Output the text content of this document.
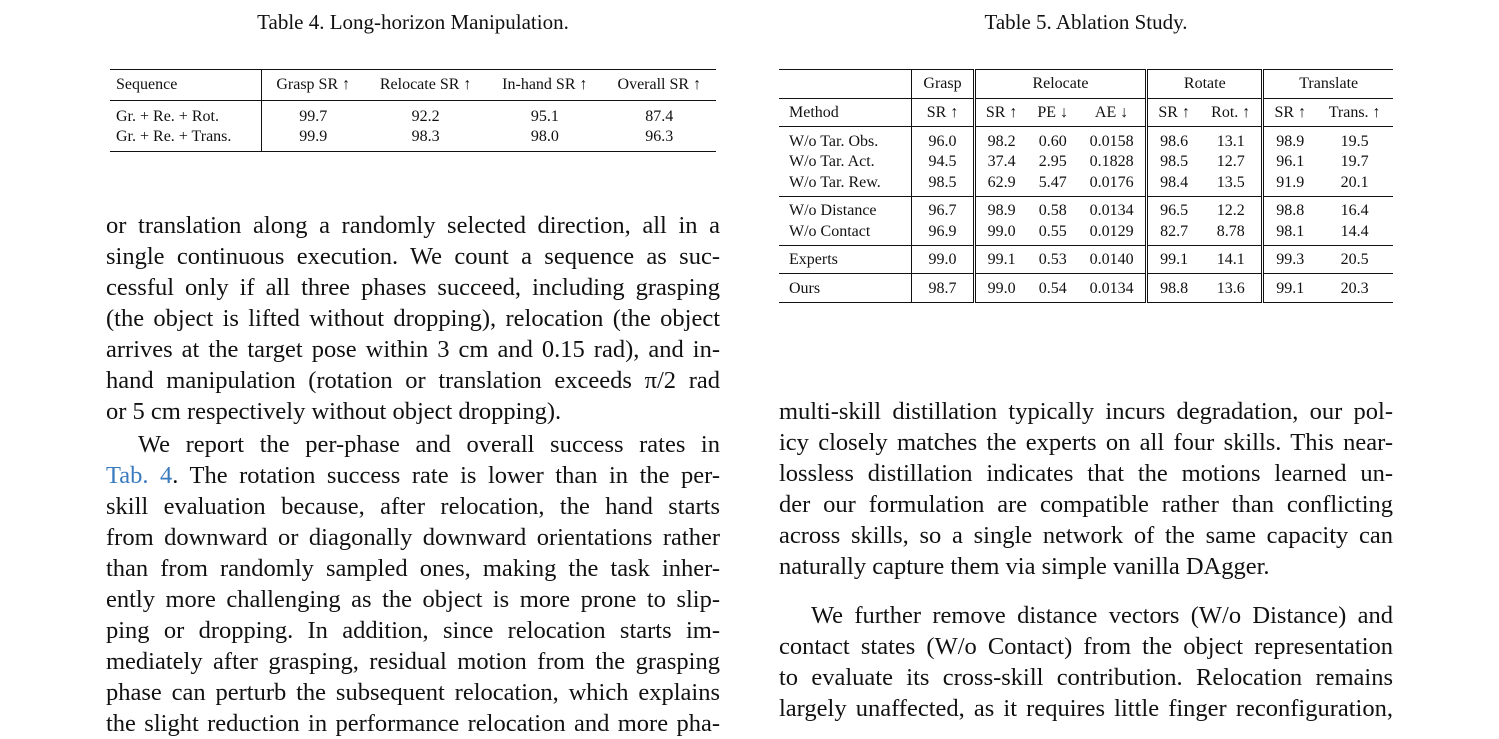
Table 4. Long-horizon Manipulation.
Sequence	Grasp SR ↑	Relocate SR ↑	In-hand SR ↑	Overall SR ↑
Gr. + Re. + Rot.	99.7	92.2	95.1	87.4
Gr. + Re. + Trans.	99.9	98.3	98.0	96.3
or translation along a randomly selected direction, all in a
single continuous execution. We count a sequence as suc-
cessful only if all three phases succeed, including grasping
(the object is lifted without dropping), relocation (the object
arrives at the target pose within 3 cm and 0.15 rad), and in-
hand manipulation (rotation or translation exceeds π/2 rad
or 5 cm respectively without object dropping).
We report the per-phase and overall success rates in
Tab. 4. The rotation success rate is lower than in the per-
skill evaluation because, after relocation, the hand starts
from downward or diagonally downward orientations rather
than from randomly sampled ones, making the task inher-
ently more challenging as the object is more prone to slip-
ping or dropping. In addition, since relocation starts im-
mediately after grasping, residual motion from the grasping
phase can perturb the subsequent relocation, which explains
the slight reduction in performance relocation and more pha-
Table 5. Ablation Study.
	Grasp	Relocate			Rotate		Translate	
Method	SR ↑	SR ↑	PE ↓	AE ↓	SR ↑	Rot. ↑	SR ↑	Trans. ↑
W/o Tar. Obs.	96.0	98.2	0.60	0.0158	98.6	13.1	98.9	19.5
W/o Tar. Act.	94.5	37.4	2.95	0.1828	98.5	12.7	96.1	19.7
W/o Tar. Rew.	98.5	62.9	5.47	0.0176	98.4	13.5	91.9	20.1
W/o Distance	96.7	98.9	0.58	0.0134	96.5	12.2	98.8	16.4
W/o Contact	96.9	99.0	0.55	0.0129	82.7	8.78	98.1	14.4
Experts	99.0	99.1	0.53	0.0140	99.1	14.1	99.3	20.5
Ours	98.7	99.0	0.54	0.0134	98.8	13.6	99.1	20.3
multi-skill distillation typically incurs degradation, our pol-
icy closely matches the experts on all four skills. This near-
lossless distillation indicates that the motions learned un-
der our formulation are compatible rather than conflicting
across skills, so a single network of the same capacity can
naturally capture them via simple vanilla DAgger.
We further remove distance vectors (W/o Distance) and
contact states (W/o Contact) from the object representation
to evaluate its cross-skill contribution. Relocation remains
largely unaffected, as it requires little finger reconfiguration,
